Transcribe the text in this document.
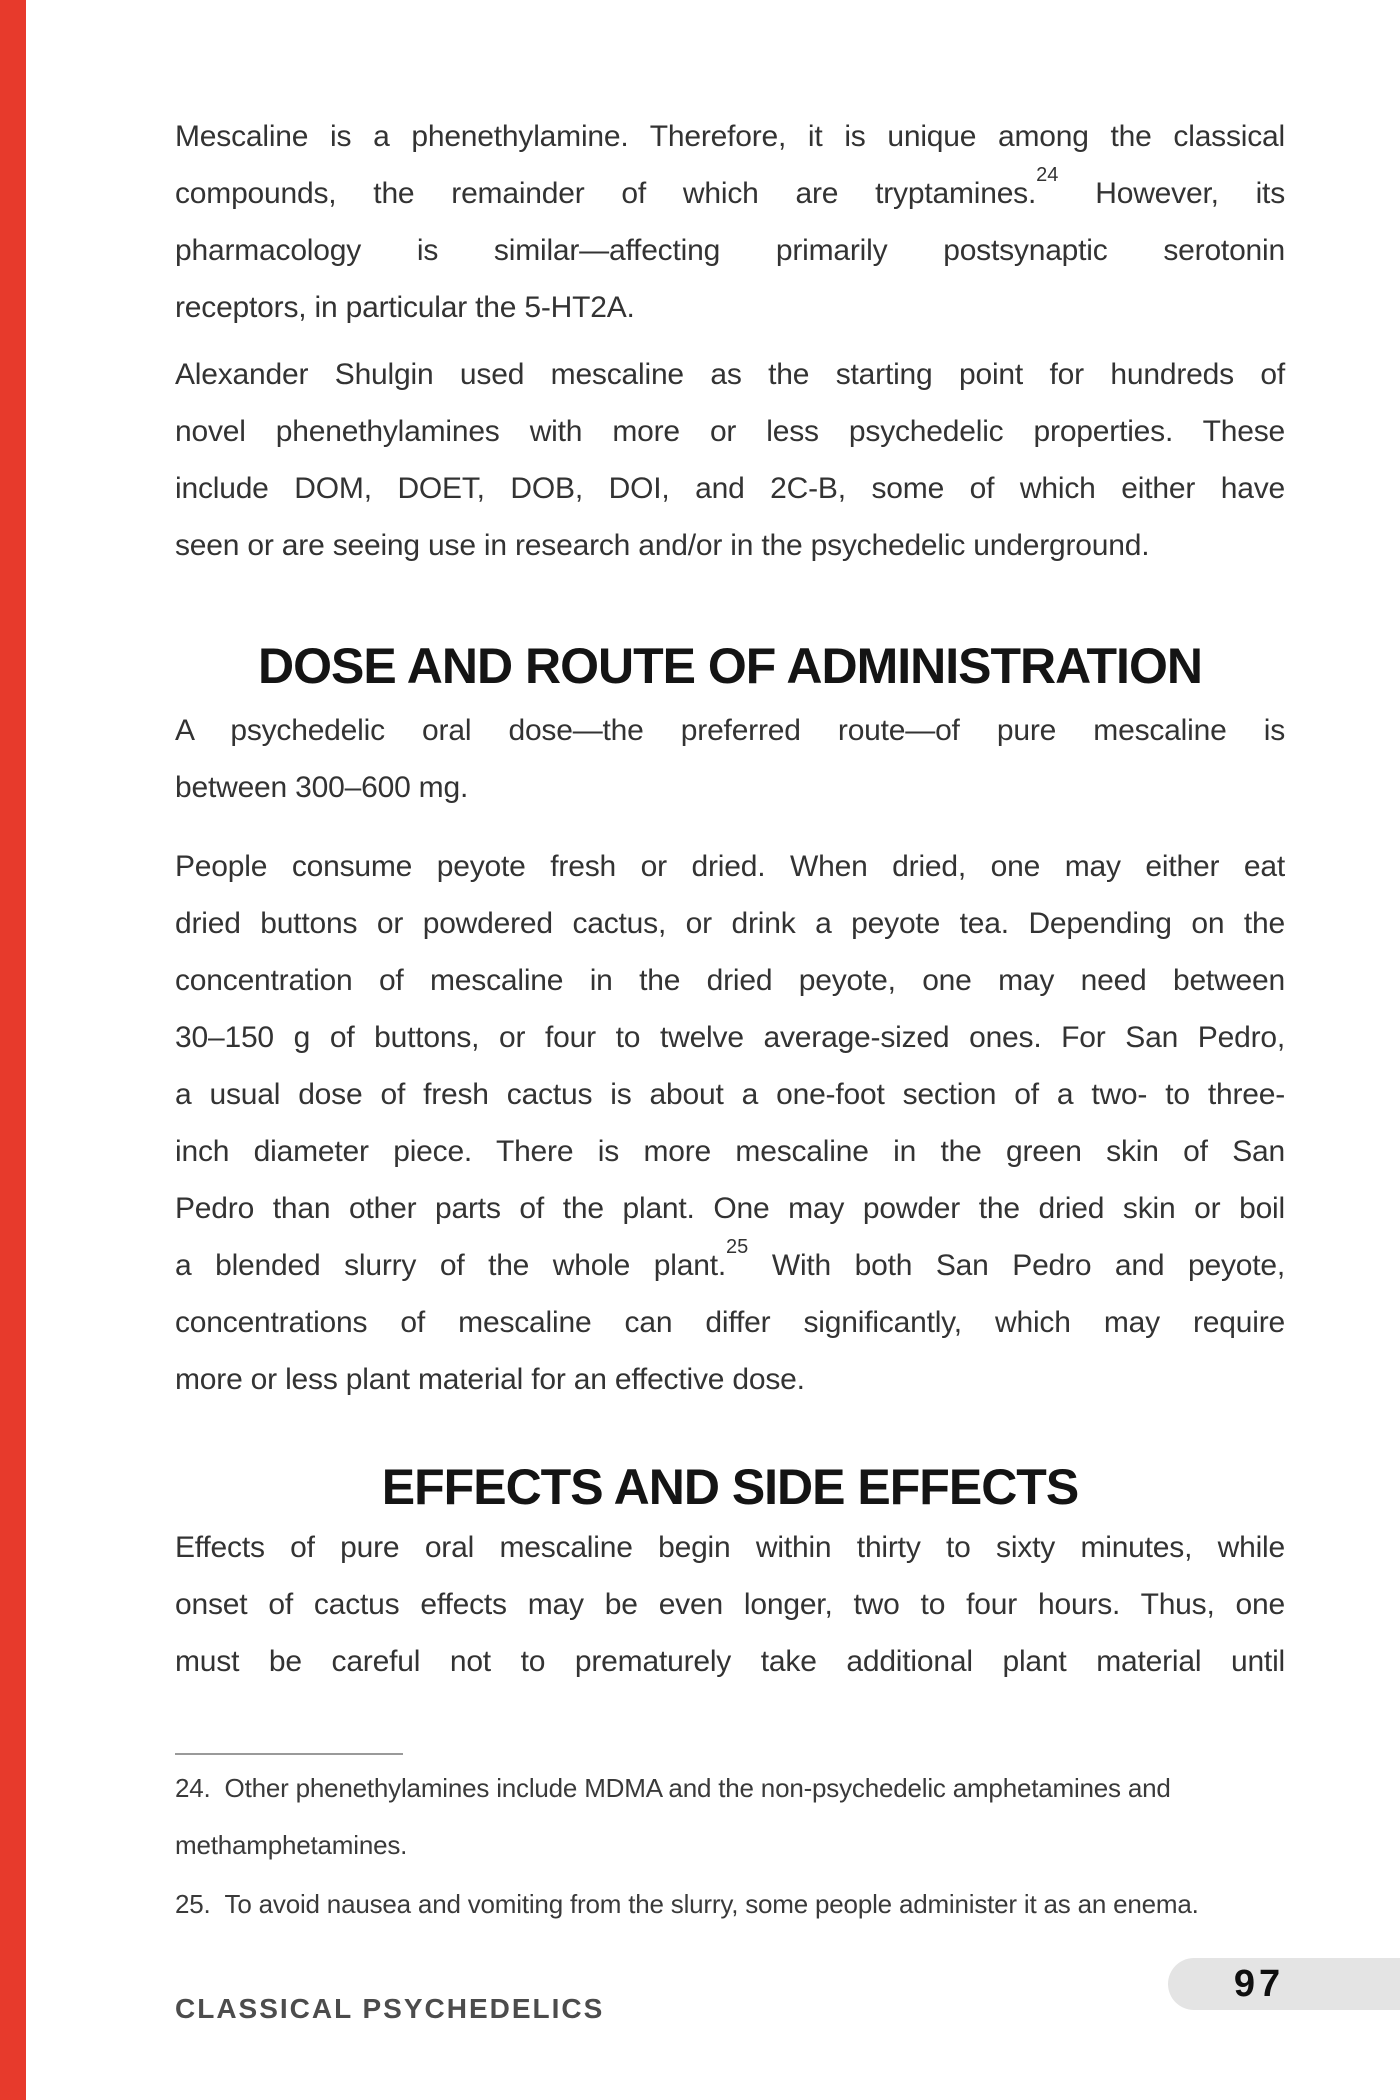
Mescaline is a phenethylamine. Therefore, it is unique among the classical
compounds, the remainder of which are tryptamines.$^{24}$ However, its
pharmacology is similar—affecting primarily postsynaptic serotonin
receptors, in particular the 5-HT2A.
Alexander Shulgin used mescaline as the starting point for hundreds of
novel phenethylamines with more or less psychedelic properties. These
include DOM, DOET, DOB, DOI, and 2C-B, some of which either have
seen or are seeing use in research and/or in the psychedelic underground.
DOSE AND ROUTE OF ADMINISTRATION
A psychedelic oral dose—the preferred route—of pure mescaline is
between 300–600 mg.
People consume peyote fresh or dried. When dried, one may either eat
dried buttons or powdered cactus, or drink a peyote tea. Depending on the
concentration of mescaline in the dried peyote, one may need between
30–150 g of buttons, or four to twelve average-sized ones. For San Pedro,
a usual dose of fresh cactus is about a one-foot section of a two- to three-
inch diameter piece. There is more mescaline in the green skin of San
Pedro than other parts of the plant. One may powder the dried skin or boil
a blended slurry of the whole plant.$^{25}$ With both San Pedro and peyote,
concentrations of mescaline can differ significantly, which may require
more or less plant material for an effective dose.
EFFECTS AND SIDE EFFECTS
Effects of pure oral mescaline begin within thirty to sixty minutes, while
onset of cactus effects may be even longer, two to four hours. Thus, one
must be careful not to prematurely take additional plant material until

24. Other phenethylamines include MDMA and the non-psychedelic amphetamines and methamphetamines.

25. To avoid nausea and vomiting from the slurry, some people administer it as an enema.

CLASSICAL PSYCHEDELICS
97
